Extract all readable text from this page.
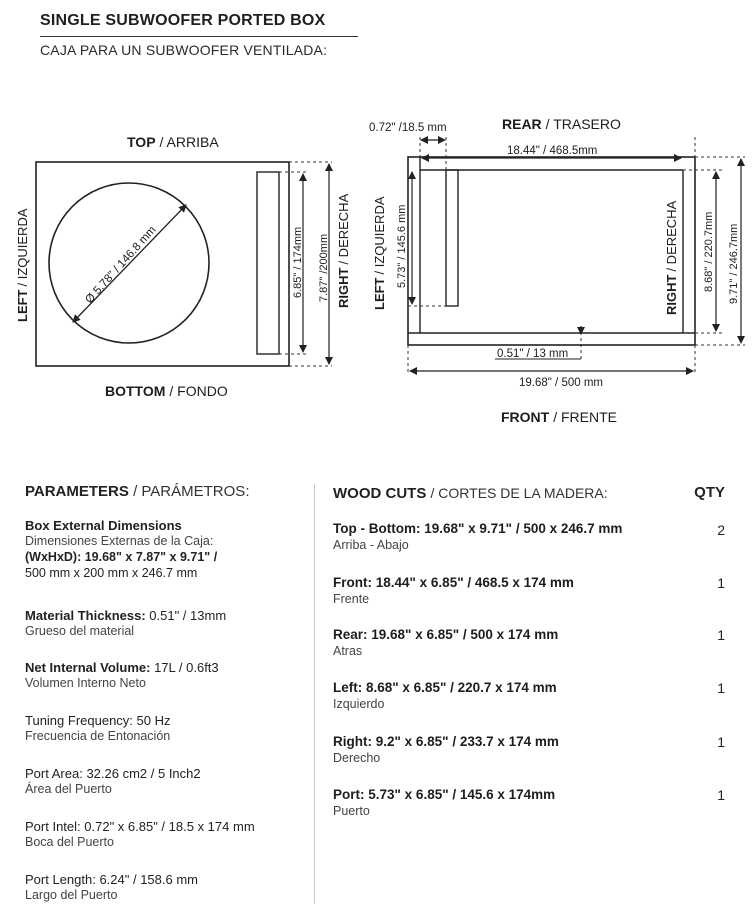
SINGLE SUBWOOFER PORTED BOX
CAJA PARA UN SUBWOOFER VENTILADA:
TOP / ARRIBA
BOTTOM / FONDO
LEFT/ IZQUIERDA
RIGHT/ DERECHA
Ø 5.78" / 146.8 mm	6.85" / 174mm 7.87" /200mm
REAR / TRASERO
FRONT / FRENTE
LEFT/ IZQUIERDA
RIGHT/ DERECHA
0.72" /18.5 mm
18.44" / 468.5mm
5.73" / 145.6 mm
0.51" / 13 mm
19.68" / 500 mm
8.68" / 220.7mm 9.71" / 246.7mm
PARAMETERS / PARÁMETROS:
Box External Dimensions
Dimensiones Externas de la Caja:
(WxHxD): 19.68" x 7.87" x 9.71" /
500 mm x 200 mm x 246.7 mm
Material Thickness: 0.51" / 13mm
Grueso del material
Net Internal Volume: 17L / 0.6ft3
Volumen Interno Neto
Tuning Frequency: 50 Hz
Frecuencia de Entonación
Port Area: 32.26 cm2 / 5 Inch2
Área del Puerto
Port Intel: 0.72" x 6.85" / 18.5 x 174 mm
Boca del Puerto
Port Length: 6.24" / 158.6 mm
Largo del Puerto
WOOD CUTS / CORTES DE LA MADERA:	QTY
Top - Bottom: 19.68" x 9.71" / 500 x 246.7 mm
Arriba - Abajo
2
Front: 18.44" x 6.85" / 468.5 x 174 mm
Frente
1
Rear: 19.68" x 6.85" / 500 x 174 mm
Atras
1
Left: 8.68" x 6.85" / 220.7 x 174 mm
Izquierdo
1
Right: 9.2" x 6.85" / 233.7 x 174 mm
Derecho
1
Port: 5.73" x 6.85" / 145.6 x 174mm
Puerto
1
